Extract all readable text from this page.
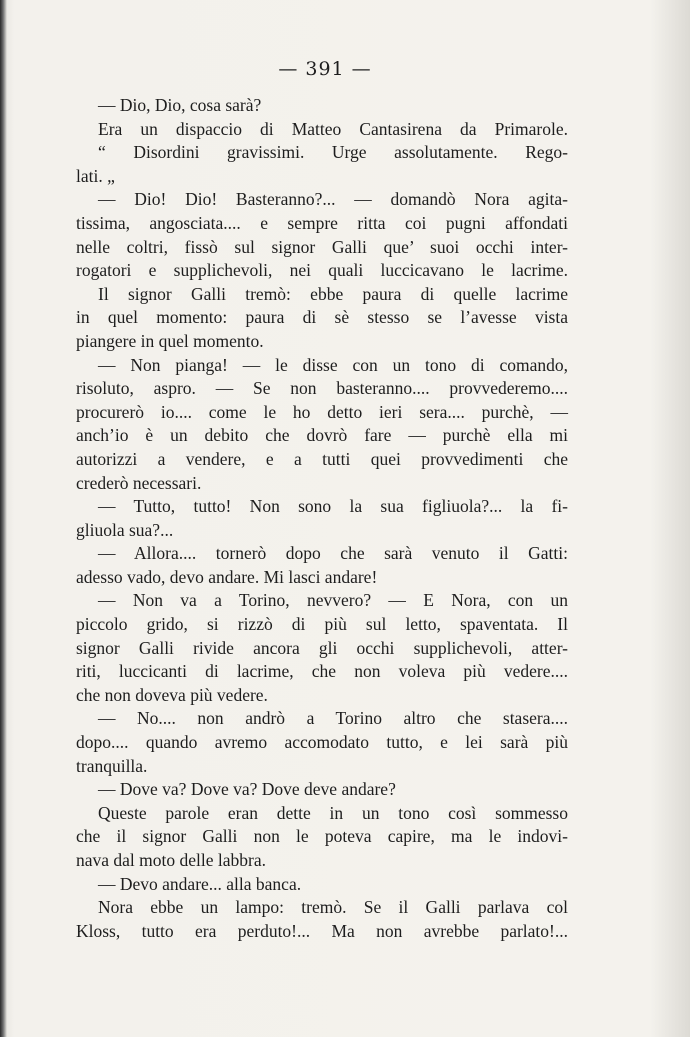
— 391 —
— Dio, Dio, cosa sarà?
Era un dispaccio di Matteo Cantasirena da Primarole.
“ Disordini gravissimi. Urge assolutamente. Rego-
lati. „
— Dio! Dio! Basteranno?... — domandò Nora agita-
tissima, angosciata.... e sempre ritta coi pugni affondati
nelle coltri, fissò sul signor Galli que’ suoi occhi inter-
rogatori e supplichevoli, nei quali luccicavano le lacrime.
Il signor Galli tremò: ebbe paura di quelle lacrime
in quel momento: paura di sè stesso se l’avesse vista
piangere in quel momento.
— Non pianga! — le disse con un tono di comando,
risoluto, aspro. — Se non basteranno.... provvederemo....
procurerò io.... come le ho detto ieri sera.... purchè, —
anch’io è un debito che dovrò fare — purchè ella mi
autorizzi a vendere, e a tutti quei provvedimenti che
crederò necessari.
— Tutto, tutto! Non sono la sua figliuola?... la fi-
gliuola sua?...
— Allora.... tornerò dopo che sarà venuto il Gatti:
adesso vado, devo andare. Mi lasci andare!
— Non va a Torino, nevvero? — E Nora, con un
piccolo grido, si rizzò di più sul letto, spaventata. Il
signor Galli rivide ancora gli occhi supplichevoli, atter-
riti, luccicanti di lacrime, che non voleva più vedere....
che non doveva più vedere.
— No.... non andrò a Torino altro che stasera....
dopo.... quando avremo accomodato tutto, e lei sarà più
tranquilla.
— Dove va? Dove va? Dove deve andare?
Queste parole eran dette in un tono così sommesso
che il signor Galli non le poteva capire, ma le indovi-
nava dal moto delle labbra.
— Devo andare... alla banca.
Nora ebbe un lampo: tremò. Se il Galli parlava col
Kloss, tutto era perduto!... Ma non avrebbe parlato!...
